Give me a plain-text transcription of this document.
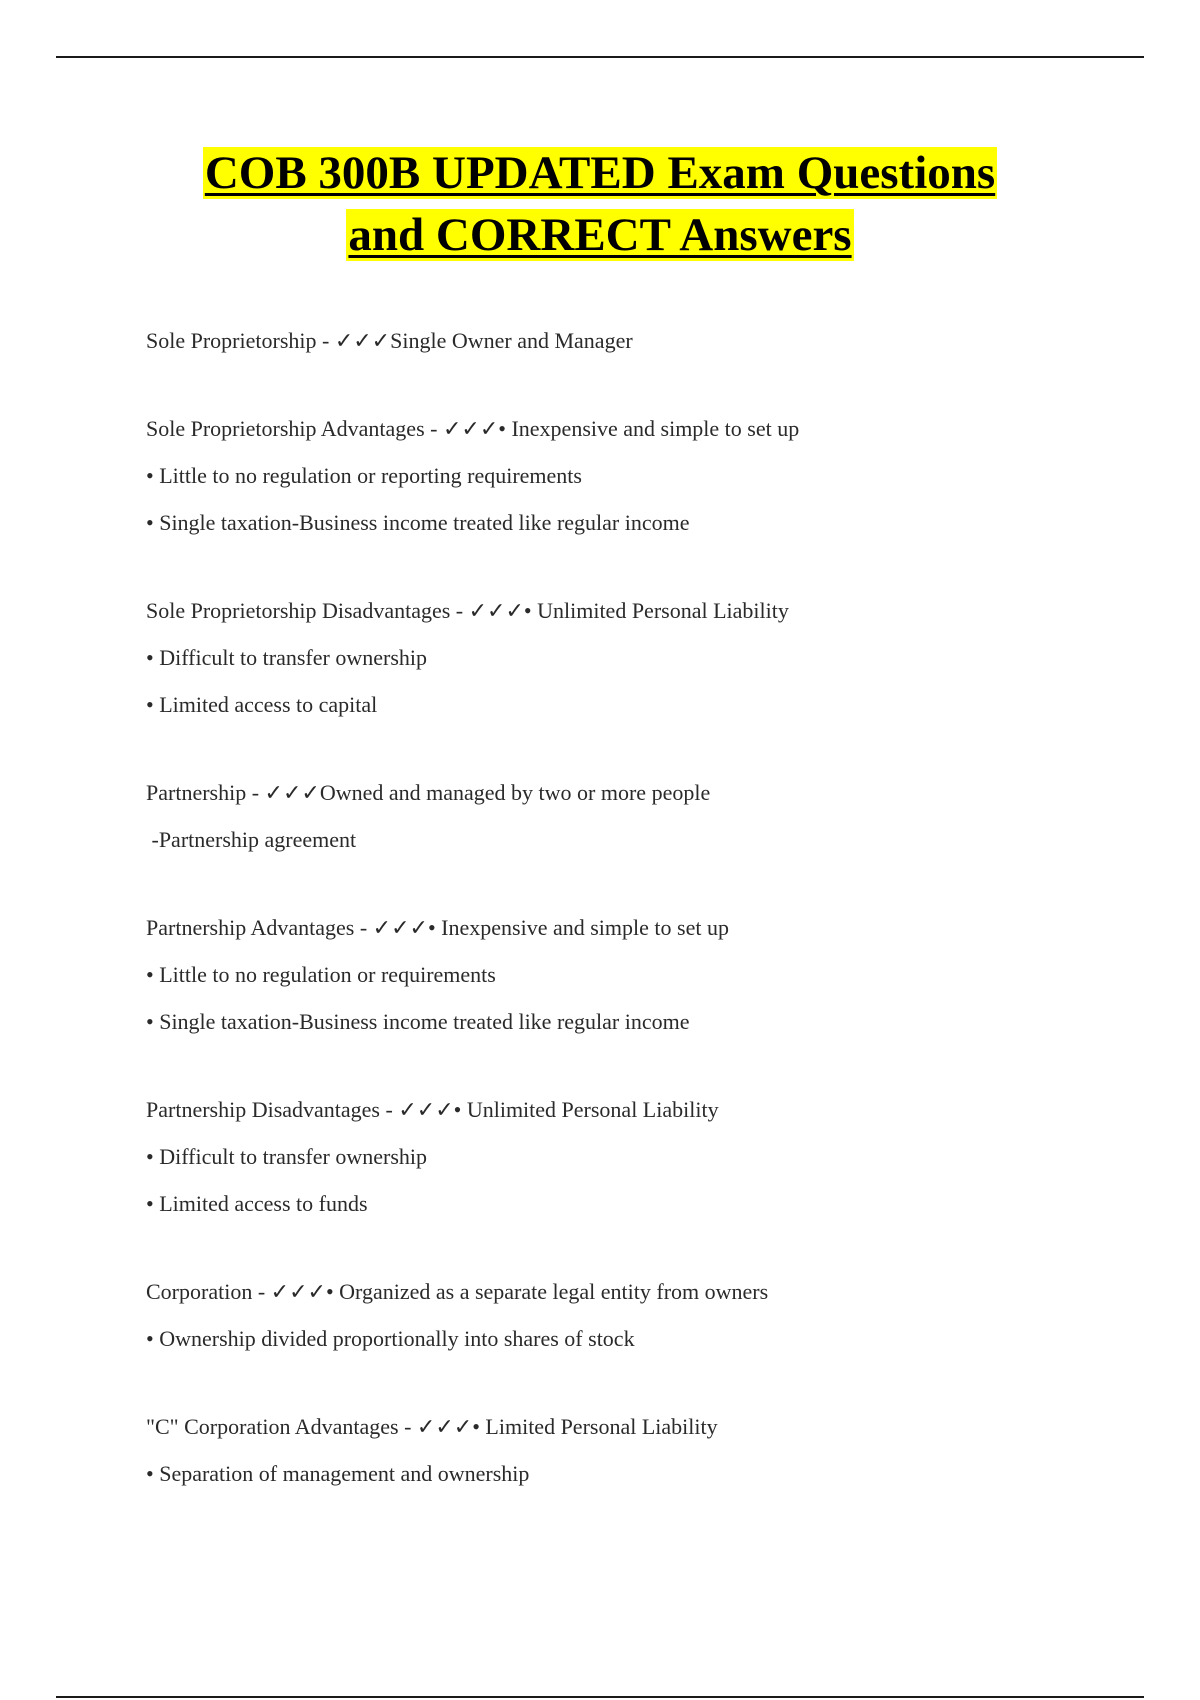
COB 300B UPDATED Exam Questions
and CORRECT Answers

Sole Proprietorship - ✓✓✓Single Owner and Manager

Sole Proprietorship Advantages - ✓✓✓• Inexpensive and simple to set up

• Little to no regulation or reporting requirements

• Single taxation-Business income treated like regular income

Sole Proprietorship Disadvantages - ✓✓✓• Unlimited Personal Liability

• Difficult to transfer ownership

• Limited access to capital

Partnership - ✓✓✓Owned and managed by two or more people

-Partnership agreement

Partnership Advantages - ✓✓✓• Inexpensive and simple to set up

• Little to no regulation or requirements

• Single taxation-Business income treated like regular income

Partnership Disadvantages - ✓✓✓• Unlimited Personal Liability

• Difficult to transfer ownership

• Limited access to funds

Corporation - ✓✓✓• Organized as a separate legal entity from owners

• Ownership divided proportionally into shares of stock

"C" Corporation Advantages - ✓✓✓• Limited Personal Liability

• Separation of management and ownership
